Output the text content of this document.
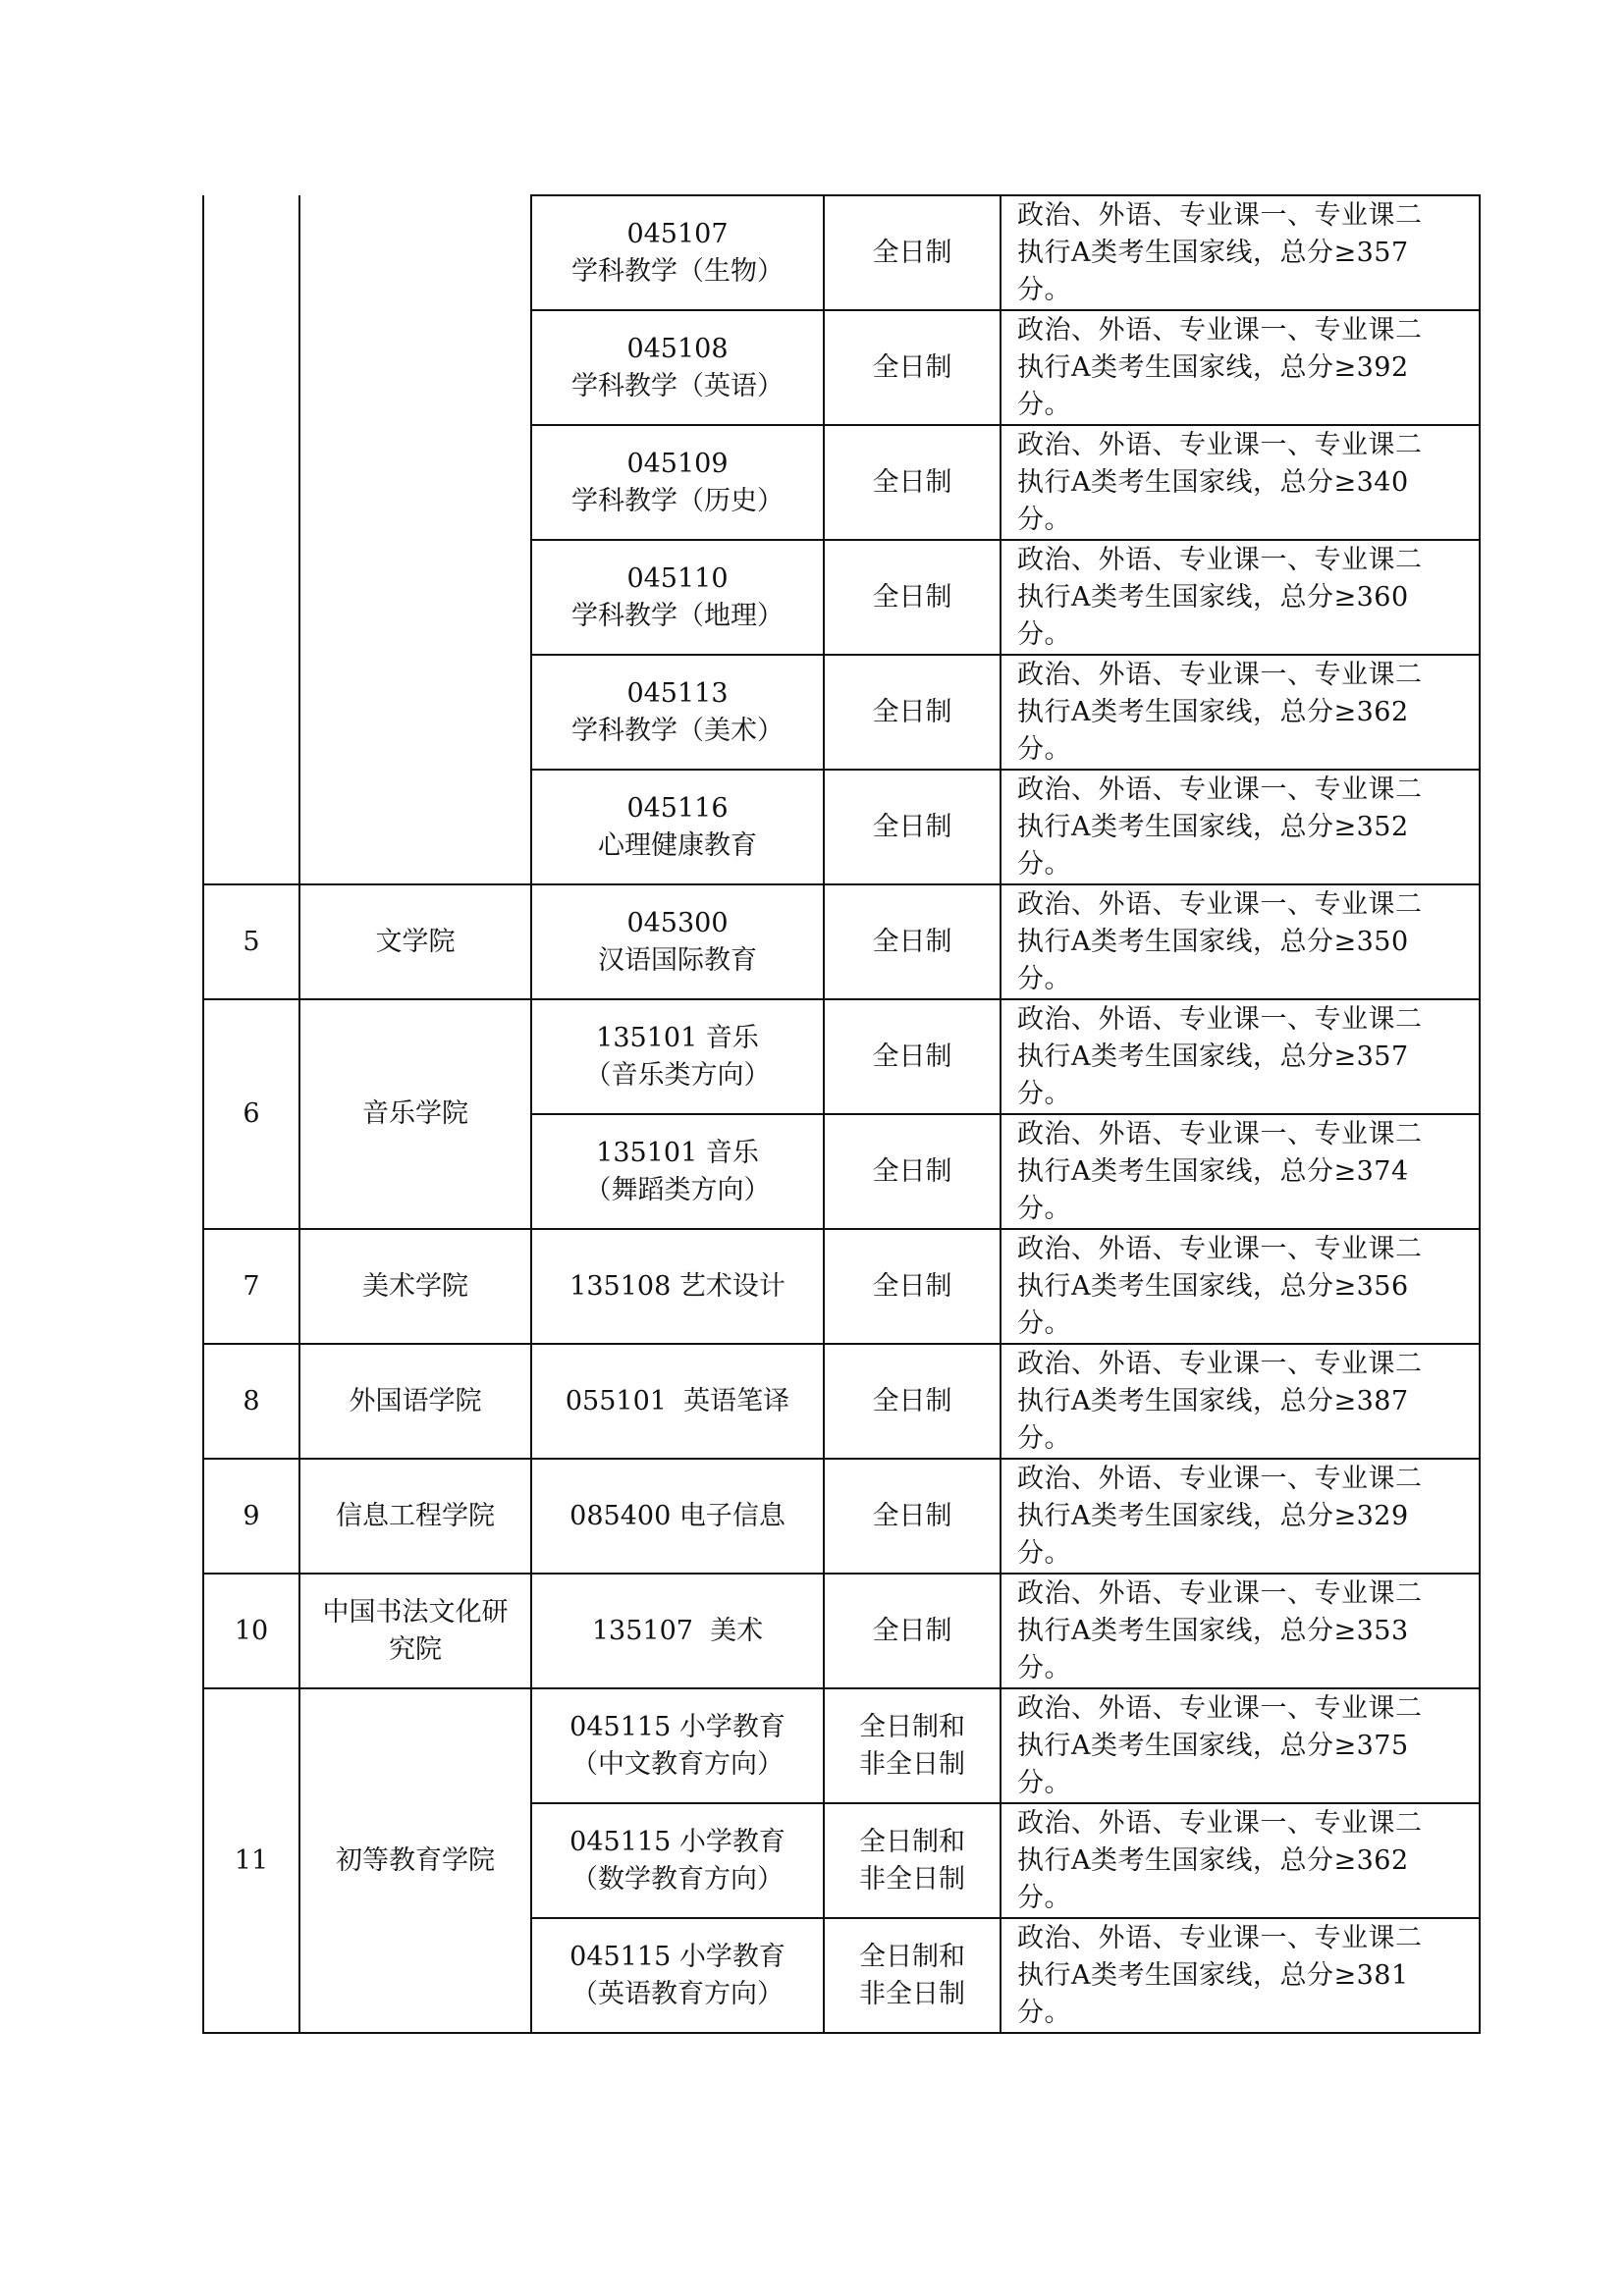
		045107
学科教学（生物）	全日制	政治、外语、专业课一、专业课二
执行A类考生国家线，总分≥357
分。

		045108
学科教学（英语）	全日制	政治、外语、专业课一、专业课二
执行A类考生国家线，总分≥392
分。

		045109
学科教学（历史）	全日制	政治、外语、专业课一、专业课二
执行A类考生国家线，总分≥340
分。

		045110
学科教学（地理）	全日制	政治、外语、专业课一、专业课二
执行A类考生国家线，总分≥360
分。

		045113
学科教学（美术）	全日制	政治、外语、专业课一、专业课二
执行A类考生国家线，总分≥362
分。

		045116
心理健康教育	全日制	政治、外语、专业课一、专业课二
执行A类考生国家线，总分≥352
分。

5	文学院	045300
汉语国际教育	全日制	政治、外语、专业课一、专业课二
执行A类考生国家线，总分≥350
分。

6	音乐学院	135101 音乐
（音乐类方向）	全日制	政治、外语、专业课一、专业课二
执行A类考生国家线，总分≥357
分。

		135101 音乐
（舞蹈类方向）	全日制	政治、外语、专业课一、专业课二
执行A类考生国家线，总分≥374
分。

7	美术学院	135108 艺术设计	全日制	政治、外语、专业课一、专业课二
执行A类考生国家线，总分≥356
分。

8	外国语学院	055101  英语笔译	全日制	政治、外语、专业课一、专业课二
执行A类考生国家线，总分≥387
分。

9	信息工程学院	085400 电子信息	全日制	政治、外语、专业课一、专业课二
执行A类考生国家线，总分≥329
分。

10	中国书法文化研
究院	135107  美术	全日制	政治、外语、专业课一、专业课二
执行A类考生国家线，总分≥353
分。

11	初等教育学院	045115 小学教育
（中文教育方向）	全日制和
非全日制	政治、外语、专业课一、专业课二
执行A类考生国家线，总分≥375
分。

		045115 小学教育
（数学教育方向）	全日制和
非全日制	政治、外语、专业课一、专业课二
执行A类考生国家线，总分≥362
分。

		045115 小学教育
（英语教育方向）	全日制和
非全日制	政治、外语、专业课一、专业课二
执行A类考生国家线，总分≥381
分。
